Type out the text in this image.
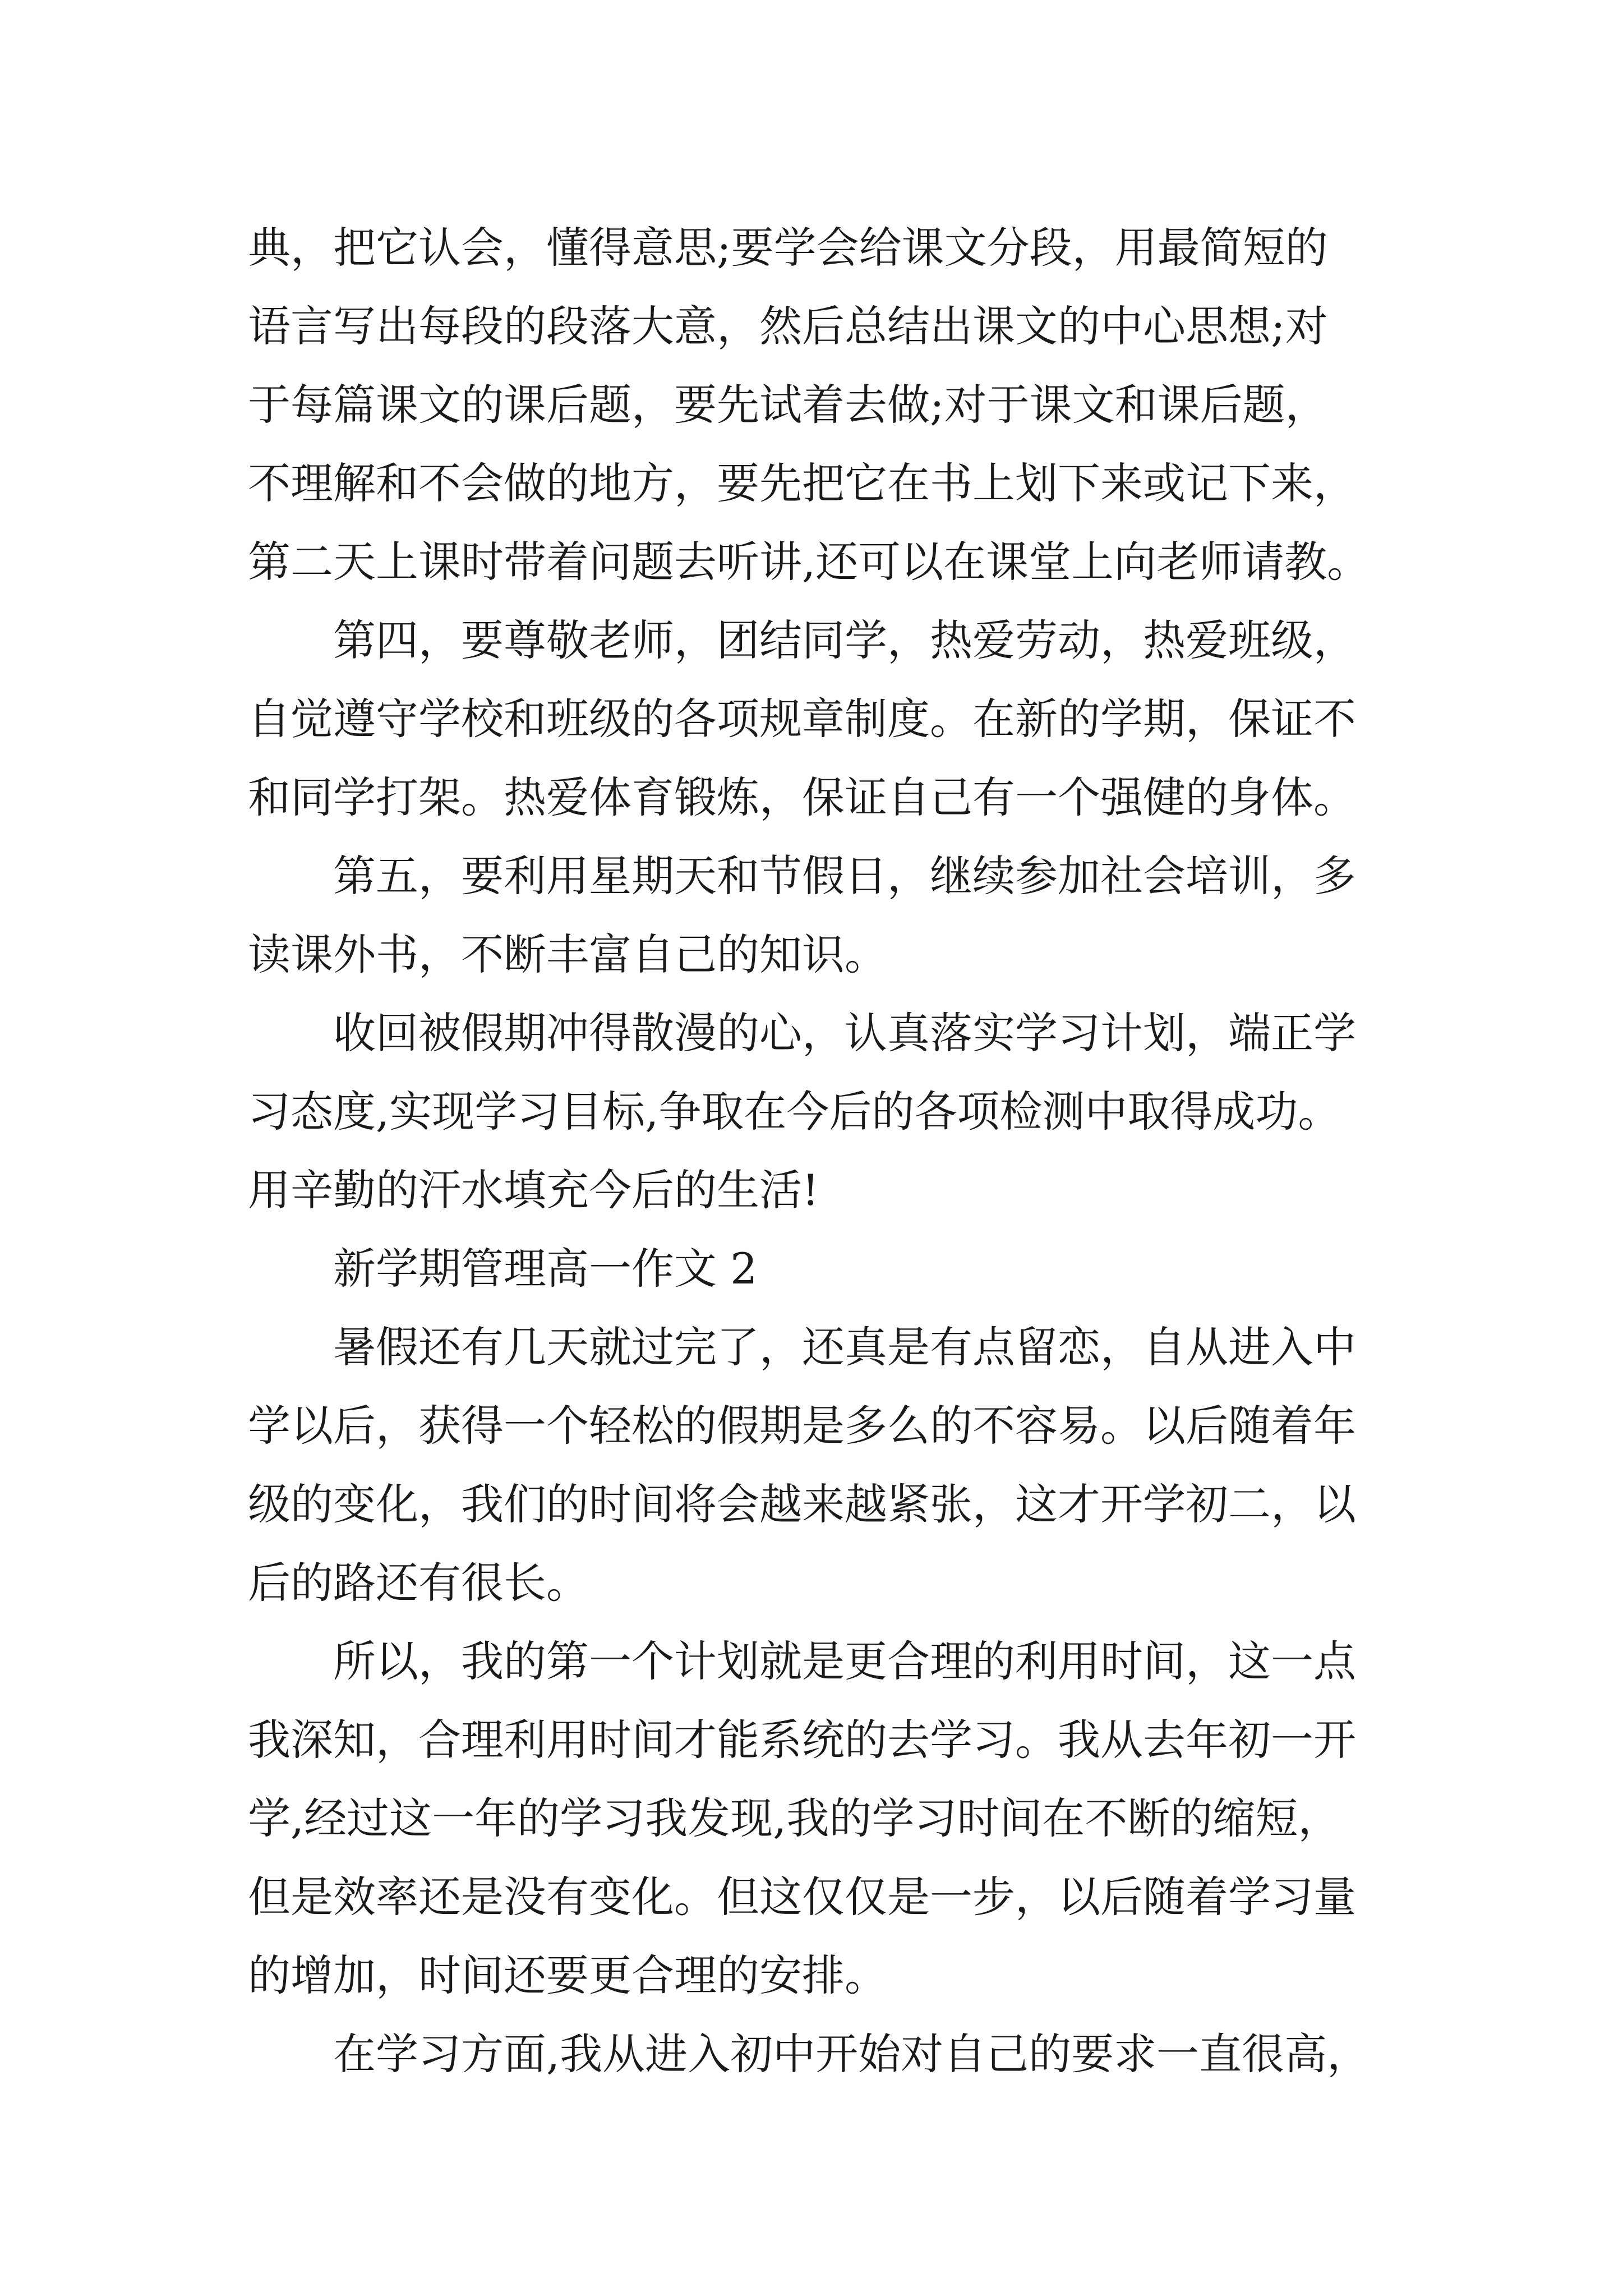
典，把它认会，懂得意思;要学会给课文分段，用最简短的
语言写出每段的段落大意，然后总结出课文的中心思想;对
于每篇课文的课后题，要先试着去做;对于课文和课后题，
不理解和不会做的地方，要先把它在书上划下来或记下来，
第二天上课时带着问题去听讲,还可以在课堂上向老师请教。
第四，要尊敬老师，团结同学，热爱劳动，热爱班级，
自觉遵守学校和班级的各项规章制度。在新的学期，保证不
和同学打架。热爱体育锻炼，保证自己有一个强健的身体。
第五，要利用星期天和节假日，继续参加社会培训，多
读课外书，不断丰富自己的知识。
收回被假期冲得散漫的心，认真落实学习计划，端正学
习态度,实现学习目标,争取在今后的各项检测中取得成功。
用辛勤的汗水填充今后的生活!
新学期管理高一作文 2
暑假还有几天就过完了，还真是有点留恋，自从进入中
学以后，获得一个轻松的假期是多么的不容易。以后随着年
级的变化，我们的时间将会越来越紧张，这才开学初二，以
后的路还有很长。
所以，我的第一个计划就是更合理的利用时间，这一点
我深知，合理利用时间才能系统的去学习。我从去年初一开
学,经过这一年的学习我发现,我的学习时间在不断的缩短，
但是效率还是没有变化。但这仅仅是一步，以后随着学习量
的增加，时间还要更合理的安排。
在学习方面,我从进入初中开始对自己的要求一直很高，
